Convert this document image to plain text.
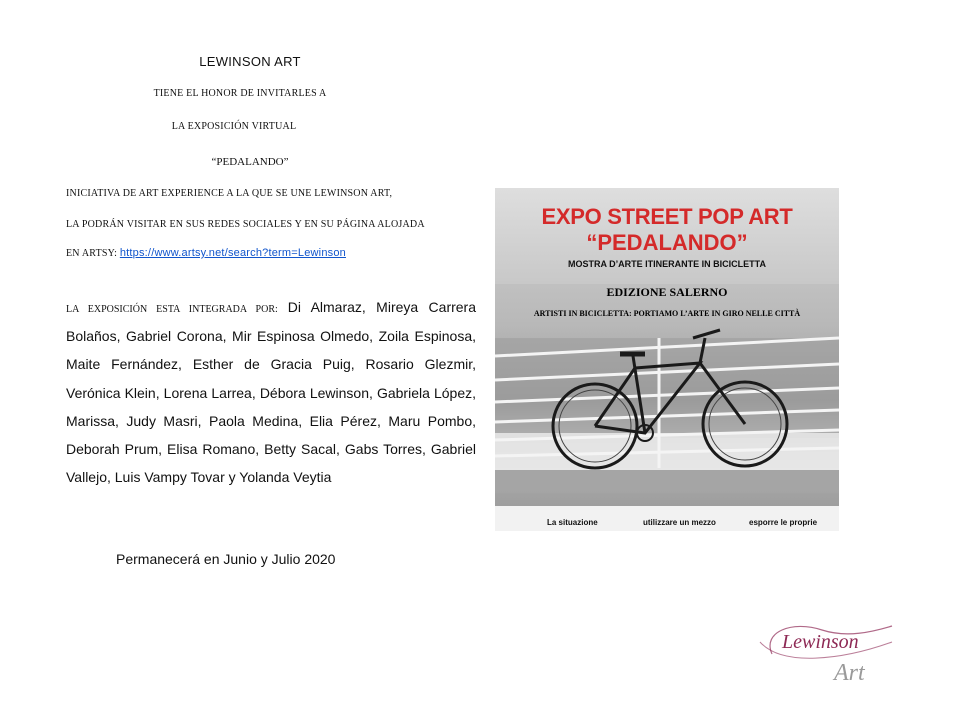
LEWINSON ART
TIENE EL HONOR DE INVITARLES A
LA EXPOSICIÓN VIRTUAL
“PEDALANDO”
INICIATIVA DE ART EXPERIENCE A LA QUE SE UNE LEWINSON ART,
LA PODRÁN VISITAR EN SUS REDES SOCIALES Y EN SU PÁGINA ALOJADA
EN ARTSY: https://www.artsy.net/search?term=Lewinson
LA EXPOSICIÓN ESTA INTEGRADA POR: Di Almaraz, Mireya Carrera Bolaños, Gabriel Corona, Mir Espinosa Olmedo, Zoila Espinosa, Maite Fernández, Esther de Gracia Puig, Rosario Glezmir, Verónica Klein, Lorena Larrea, Débora Lewinson, Gabriela López, Marissa, Judy Masri, Paola Medina, Elia Pérez, Maru Pombo, Deborah Prum, Elisa Romano, Betty Sacal, Gabs Torres, Gabriel Vallejo, Luis Vampy Tovar y Yolanda Veytia
Permanecerá en Junio y Julio 2020
EXPO STREET POP ART
“PEDALANDO”
MOSTRA D’ARTE ITINERANTE IN BICICLETTA
EDIZIONE SALERNO
ARTISTI IN BICICLETTA: PORTIAMO L’ARTE IN GIRO NELLE CITTÀ
La situazione	utilizzare un mezzo	esporre le proprie
Lewinson
Art
